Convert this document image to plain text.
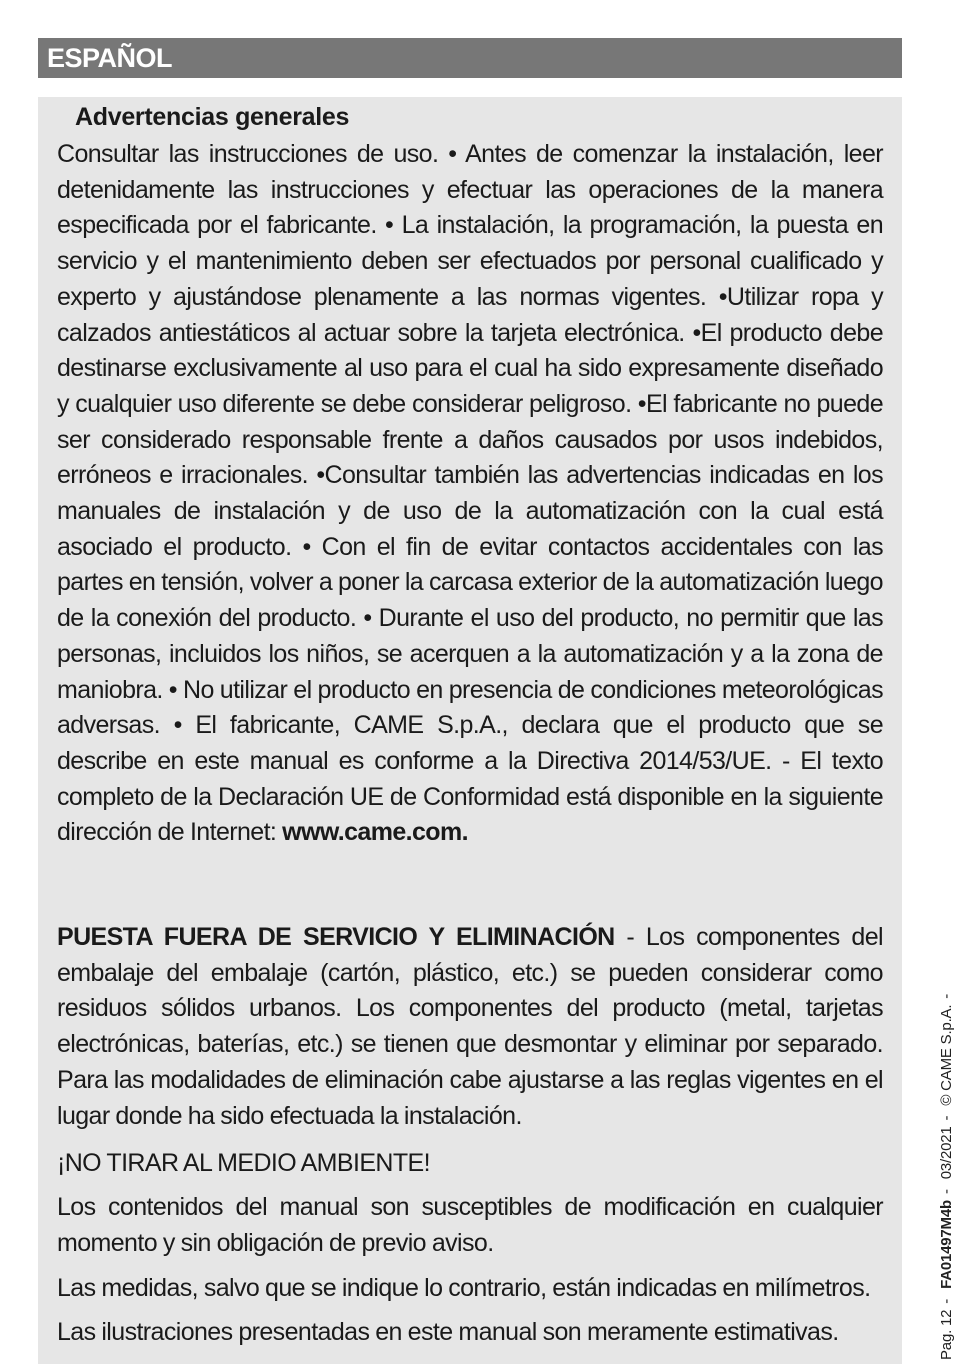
ESPAÑOL
Advertencias generales

Consultar las instrucciones de uso. • Antes de comenzar la instalación, leer detenidamente las instrucciones y efectuar las operaciones de la manera especificada por el fabricante. • La instalación, la programación, la puesta en servicio y el mantenimiento deben ser efectuados por personal cualificado y experto y ajustándose plenamente a las normas vigentes. •Utilizar ropa y calzados antiestáticos al actuar sobre la tarjeta electrónica. •El producto debe destinarse exclusivamente al uso para el cual ha sido expresamente diseñado y cualquier uso diferente se debe considerar peligroso. •El fabricante no puede ser considerado responsable frente a daños causados por usos indebidos, erróneos e irracionales. •Consultar también las advertencias indicadas en los manuales de instalación y de uso de la automatización con la cual está asociado el producto. • Con el fin de evitar contactos accidentales con las partes en tensión, volver a poner la carcasa exterior de la automatización luego de la conexión del producto. • Durante el uso del producto, no permitir que las personas, incluidos los niños, se acerquen a la automatización y a la zona de maniobra. • No utilizar el producto en presencia de condiciones meteorológicas adversas. • El fabricante, CAME S.p.A., declara que el producto que se describe en este manual es conforme a la Directiva 2014/53/UE. - El texto completo de la Declaración UE de Conformidad está disponible en la siguiente dirección de Internet: www.came.com.

PUESTA FUERA DE SERVICIO Y ELIMINACIÓN - Los componentes del embalaje del embalaje (cartón, plástico, etc.) se pueden considerar como residuos sólidos urbanos. Los componentes del producto (metal, tarjetas electrónicas, baterías, etc.) se tienen que desmontar y eliminar por separado. Para las modalidades de eliminación cabe ajustarse a las reglas vigentes en el lugar donde ha sido efectuada la instalación.

¡NO TIRAR AL MEDIO AMBIENTE!

Los contenidos del manual son susceptibles de modificación en cualquier momento y sin obligación de previo aviso.

Las medidas, salvo que se indique lo contrario, están indicadas en milímetros.

Las ilustraciones presentadas en este manual son meramente estimativas.	Pag. 12- FA01497M4b- 03/2021- © CAME S.p.A.-
